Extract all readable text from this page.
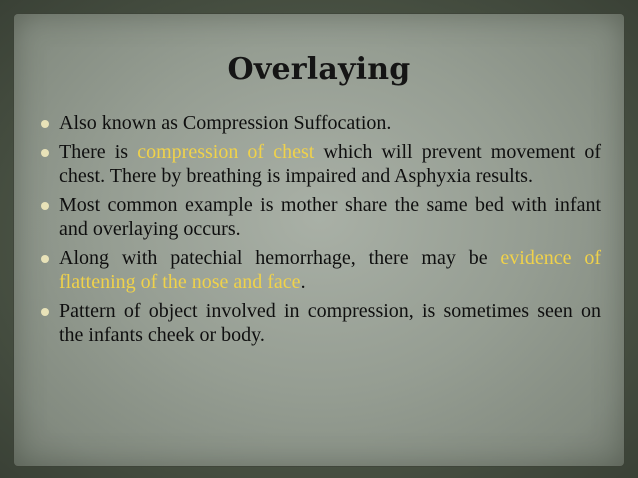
Overlaying
Also known as Compression Suffocation.
There is compression of chest which will prevent movement of chest. There by breathing is impaired and Asphyxia results.
Most common example is mother share the same bed with infant and overlaying occurs.
Along with patechial hemorrhage, there may be evidence of flattening of the nose and face.
Pattern of object involved in compression, is sometimes seen on the infants cheek or body.
